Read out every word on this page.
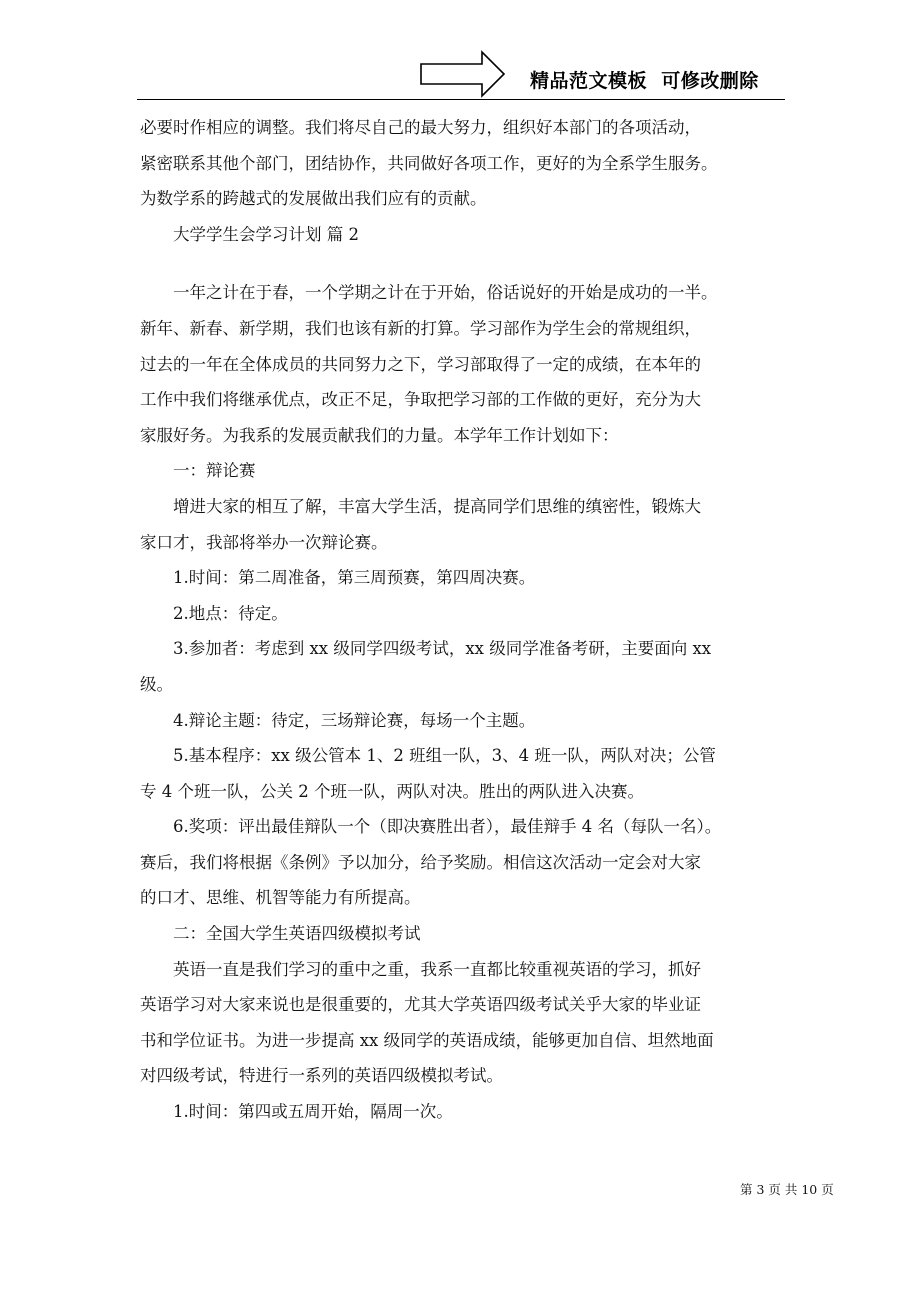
精品范文模板  可修改删除
必要时作相应的调整。我们将尽自己的最大努力，组织好本部门的各项活动，
紧密联系其他个部门，团结协作，共同做好各项工作，更好的为全系学生服务。
为数学系的跨越式的发展做出我们应有的贡献。
大学学生会学习计划 篇 2
一年之计在于春，一个学期之计在于开始，俗话说好的开始是成功的一半。
新年、新春、新学期，我们也该有新的打算。学习部作为学生会的常规组织，
过去的一年在全体成员的共同努力之下，学习部取得了一定的成绩，在本年的
工作中我们将继承优点，改正不足，争取把学习部的工作做的更好，充分为大
家服好务。为我系的发展贡献我们的力量。本学年工作计划如下：
一：辩论赛
增进大家的相互了解，丰富大学生活，提高同学们思维的缜密性，锻炼大
家口才，我部将举办一次辩论赛。
1.时间：第二周准备，第三周预赛，第四周决赛。
2.地点：待定。
3.参加者：考虑到 xx 级同学四级考试，xx 级同学准备考研，主要面向 xx
级。
4.辩论主题：待定，三场辩论赛，每场一个主题。
5.基本程序：xx 级公管本 1、2 班组一队，3、4 班一队，两队对决；公管
专 4 个班一队，公关 2 个班一队，两队对决。胜出的两队进入决赛。
6.奖项：评出最佳辩队一个（即决赛胜出者），最佳辩手 4 名（每队一名）。
赛后，我们将根据《条例》予以加分，给予奖励。相信这次活动一定会对大家
的口才、思维、机智等能力有所提高。
二：全国大学生英语四级模拟考试
英语一直是我们学习的重中之重，我系一直都比较重视英语的学习，抓好
英语学习对大家来说也是很重要的，尤其大学英语四级考试关乎大家的毕业证
书和学位证书。为进一步提高 xx 级同学的英语成绩，能够更加自信、坦然地面
对四级考试，特进行一系列的英语四级模拟考试。
1.时间：第四或五周开始，隔周一次。
第 3 页 共 10 页
